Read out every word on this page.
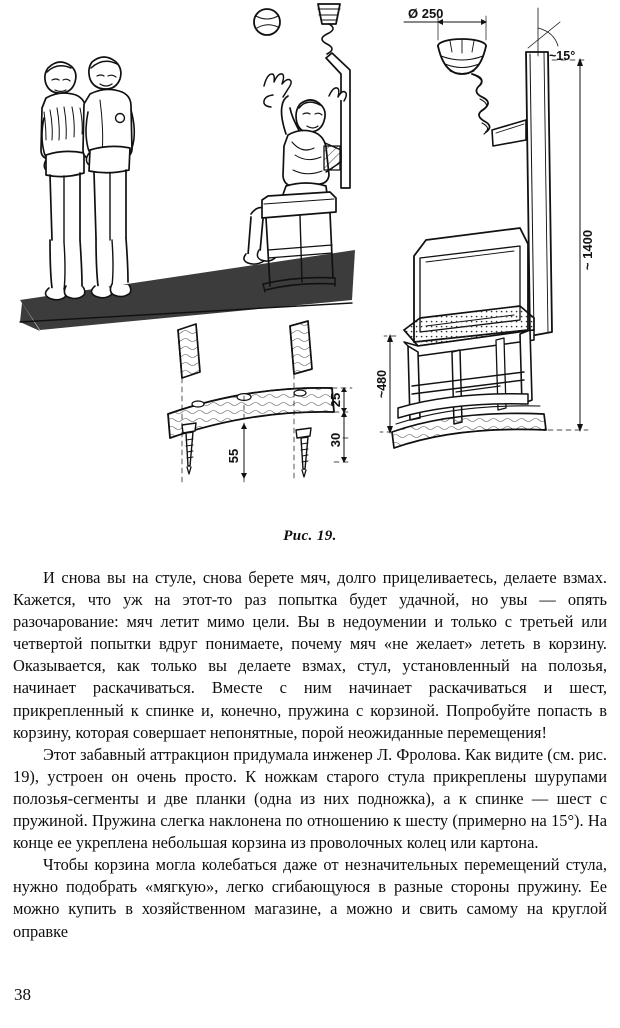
Ø 250
~15°
~ 1400
~480
25
30
55
Рис. 19.

И снова вы на стуле, снова берете мяч, долго прицеливаетесь, делаете взмах. Кажется, что уж на этот-то раз попытка будет удачной, но увы — опять разочарование: мяч летит мимо цели. Вы в недоумении и только с третьей или четвертой попытки вдруг понимаете, почему мяч «не желает» лететь в корзину. Оказывается, как только вы делаете взмах, стул, установленный на полозья, начинает раскачиваться. Вместе с ним начинает раскачиваться и шест, прикрепленный к спинке и, конечно, пружина с корзиной. Попробуйте попасть в корзину, которая совершает непонятные, порой неожиданные перемещения!

Этот забавный аттракцион придумала инженер Л. Фролова. Как видите (см. рис. 19), устроен он очень просто. К ножкам старого стула прикреплены шурупами полозья-сегменты и две планки (одна из них подножка), а к спинке — шест с пружиной. Пружина слегка наклонена по отношению к шесту (примерно на 15°). На конце ее укреплена небольшая корзина из проволочных колец или картона.

Чтобы корзина могла колебаться даже от незначительных перемещений стула, нужно подобрать «мягкую», легко сгибающуюся в разные стороны пружину. Ее можно купить в хозяйственном магазине, а можно и свить самому на круглой оправке

38
